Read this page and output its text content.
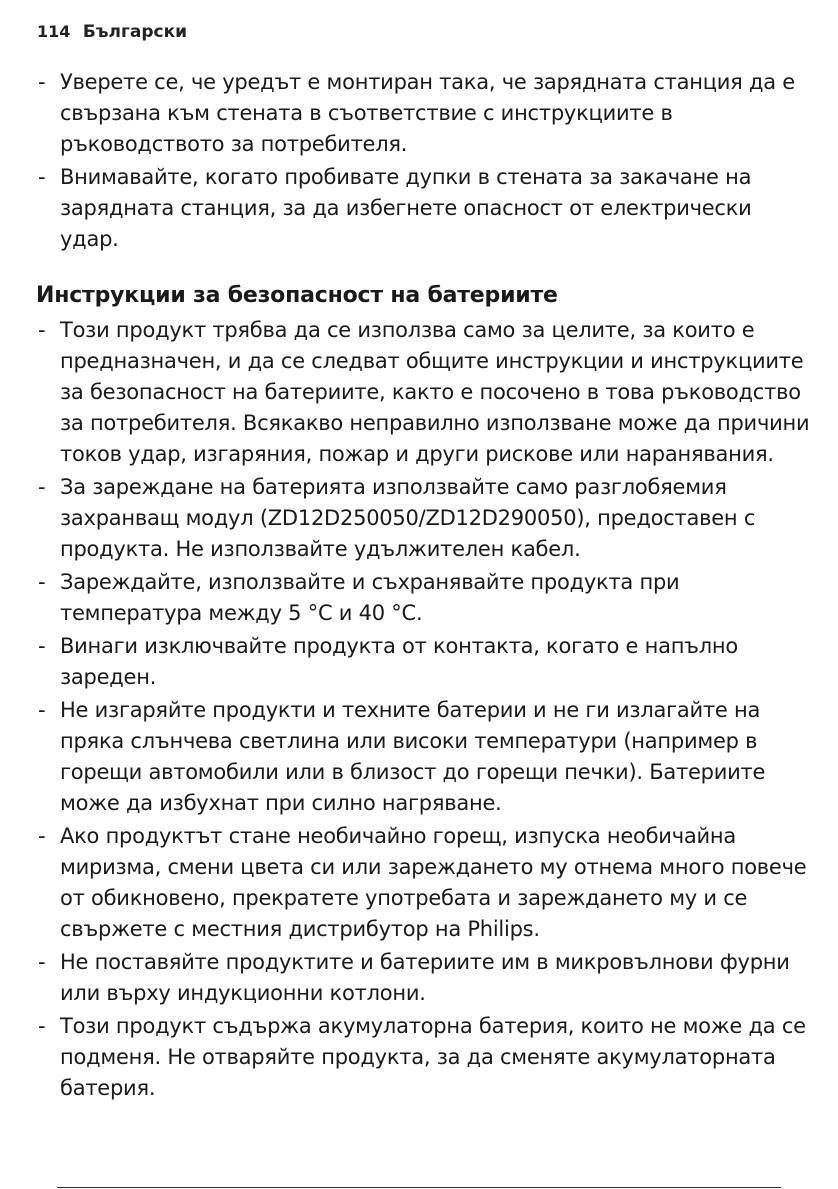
114 Български
- Уверете се, че уредът е монтиран така, че зарядната станция да е свързана към стената в съответствие с инструкциите в ръководството за потребителя.
- Внимавайте, когато пробивате дупки в стената за закачане на зарядната станция, за да избегнете опасност от електрически удар.
Инструкции за безопасност на батериите
- Този продукт трябва да се използва само за целите, за които е предназначен, и да се следват общите инструкции и инструкциите за безопасност на батериите, както е посочено в това ръководство за потребителя. Всякакво неправилно използване може да причини токов удар, изгаряния, пожар и други рискове или наранявания.
- За зареждане на батерията използвайте само разглобяемия захранващ модул (ZD12D250050/ZD12D290050), предоставен с продукта. Не използвайте удължителен кабел.
- Зареждайте, използвайте и съхранявайте продукта при температура между 5 °C и 40 °C.
- Винаги изключвайте продукта от контакта, когато е напълно зареден.
- Не изгаряйте продукти и техните батерии и не ги излагайте на пряка слънчева светлина или високи температури (например в горещи автомобили или в близост до горещи печки). Батериите може да избухнат при силно нагряване.
- Ако продуктът стане необичайно горещ, изпуска необичайна миризма, смени цвета си или зареждането му отнема много повече от обикновено, прекратете употребата и зареждането му и се свържете с местния дистрибутор на Philips.
- Не поставяйте продуктите и батериите им в микровълнови фурни или върху индукционни котлони.
- Този продукт съдържа акумулаторна батерия, които не може да се подменя. Не отваряйте продукта, за да сменяте акумулаторната батерия.
